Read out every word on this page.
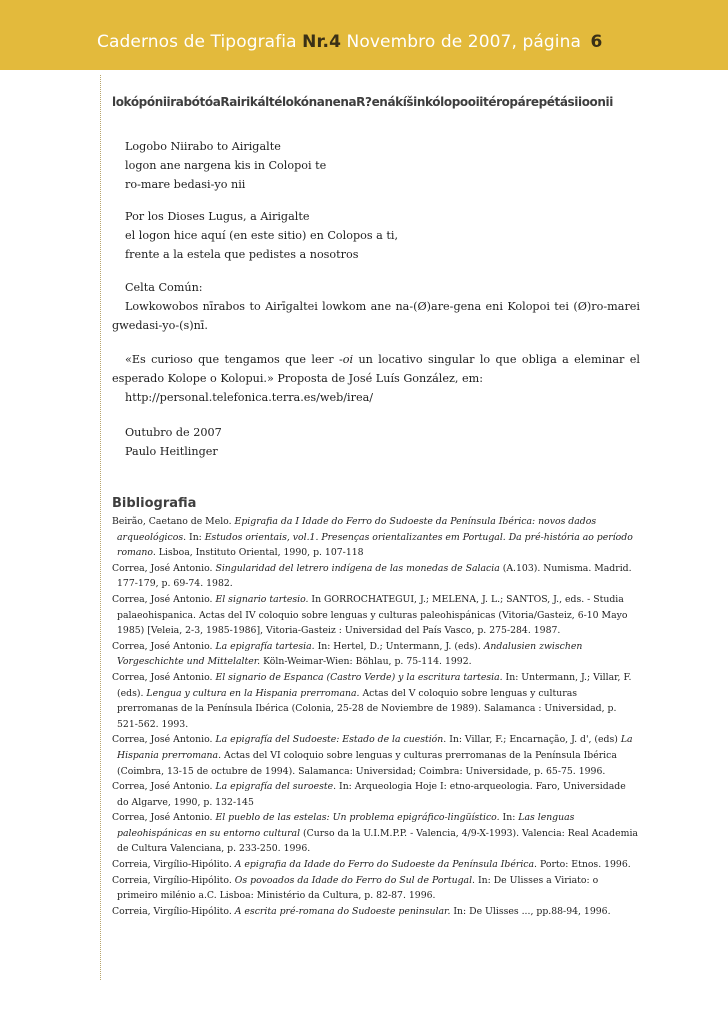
Cadernos de Tipografia Nr.4 Novembro de 2007, página 6
lokópóniirabótóaRairikáltélokónanenaR?enákíšinkólopooiitéropárepétásiioonii
Logobo Niirabo to Airigalte
logon ane nargena kis in Colopoi te
ro-mare bedasi-yo nii
Por los Dioses Lugus, a Airigalte
el logon hice aquí (en este sitio) en Colopos a ti,
frente a la estela que pedistes a nosotros
Celta Común:
Lowkowobos nīrabos to Airīgaltei lowkom ane na-(Ø)are-gena eni Kolopoi tei (Ø)ro-marei gwedasi-yo-(s)nī.
«Es curioso que tengamos que leer -oi un locativo singular lo que obliga a eleminar el esperado Kolope o Kolopui.» Proposta de José Luís González, em:
http://personal.telefonica.terra.es/web/irea/
Outubro de 2007
Paulo Heitlinger
Bibliografia
Beirão, Caetano de Melo. Epigrafia da I Idade do Ferro do Sudoeste da Península Ibérica: novos dados arqueológicos. In: Estudos orientais, vol.1. Presenças orientalizantes em Portugal. Da pré-história ao período romano. Lisboa, Instituto Oriental, 1990, p. 107-118
Correa, José Antonio. Singularidad del letrero indígena de las monedas de Salacia (A.103). Numisma. Madrid. 177-179, p. 69-74. 1982.
Correa, José Antonio. El signario tartesio. In GORROCHATEGUI, J.; MELENA, J. L.; SANTOS, J., eds. - Studia palaeohispanica. Actas del IV coloquio sobre lenguas y culturas paleohispánicas (Vitoria/Gasteiz, 6-10 Mayo 1985) [Veleia, 2-3, 1985-1986], Vitoria-Gasteiz : Universidad del País Vasco, p. 275-284. 1987.
Correa, José Antonio. La epigrafía tartesia. In: Hertel, D.; Untermann, J. (eds). Andalusien zwischen Vorgeschichte und Mittelalter. Köln-Weimar-Wien: Böhlau, p. 75-114. 1992.
Correa, José Antonio. El signario de Espanca (Castro Verde) y la escritura tartesia. In: Untermann, J.; Villar, F. (eds). Lengua y cultura en la Hispania prerromana. Actas del V coloquio sobre lenguas y culturas prerromanas de la Península Ibérica (Colonia, 25-28 de Noviembre de 1989). Salamanca : Universidad, p. 521-562. 1993.
Correa, José Antonio. La epigrafía del Sudoeste: Estado de la cuestión. In: Villar, F.; Encarnação, J. d', (eds) La Hispania prerromana. Actas del VI coloquio sobre lenguas y culturas prerromanas de la Península Ibérica (Coimbra, 13-15 de octubre de 1994). Salamanca: Universidad; Coimbra: Universidade, p. 65-75. 1996.
Correa, José Antonio. La epigrafía del suroeste. In: Arqueologia Hoje I: etno-arqueologia. Faro, Universidade do Algarve, 1990, p. 132-145
Correa, José Antonio. El pueblo de las estelas: Un problema epigráfico-lingüístico. In: Las lenguas paleohispánicas en su entorno cultural (Curso da la U.I.M.P.P. - Valencia, 4/9-X-1993). Valencia: Real Academia de Cultura Valenciana, p. 233-250. 1996.
Correia, Virgílio-Hipólito. A epigrafia da Idade do Ferro do Sudoeste da Península Ibérica. Porto: Etnos. 1996.
Correia, Virgílio-Hipólito. Os povoados da Idade do Ferro do Sul de Portugal. In: De Ulisses a Viriato: o primeiro milénio a.C. Lisboa: Ministério da Cultura, p. 82-87. 1996.
Correia, Virgílio-Hipólito. A escrita pré-romana do Sudoeste peninsular. In: De Ulisses ..., pp.88-94, 1996.
